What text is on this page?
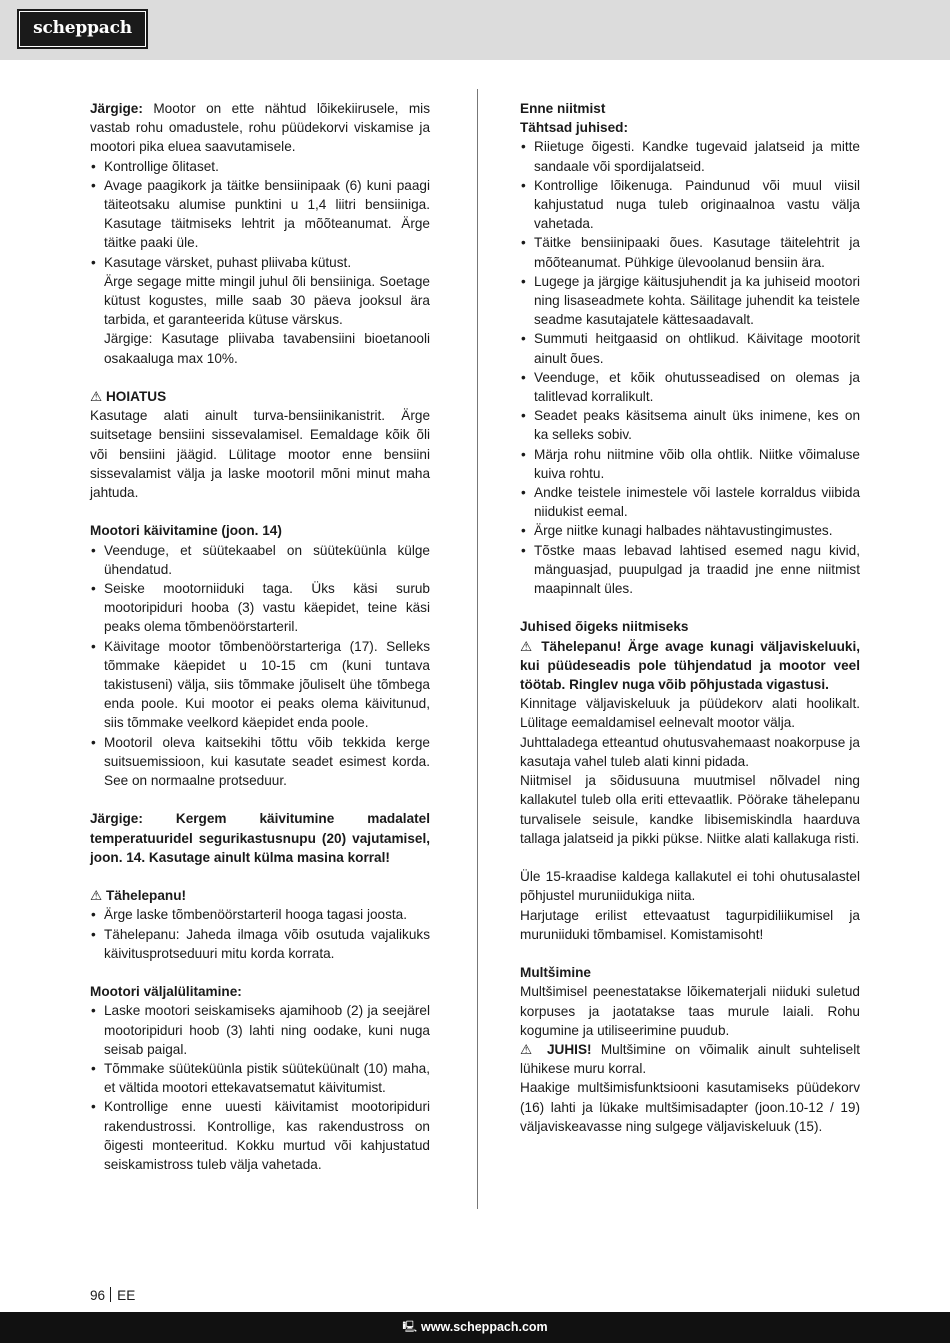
scheppach

Järgige: Mootor on ette nähtud lõikekiirusele, mis vastab rohu omadustele, rohu püüdekorvi viskamise ja mootori pika eluea saavutamisele.

• Kontrollige õlitaset.
• Avage paagikork ja täitke bensiinipaak (6) kuni paagi täiteotsaku alumise punktini u 1,4 liitri bensiiniga. Kasutage täitmiseks lehtrit ja mõõteanumat. Ärge täitke paaki üle.
• Kasutage värsket, puhast pliivaba kütust.

Ärge segage mitte mingil juhul õli bensiiniga. Soetage kütust kogustes, mille saab 30 päeva jooksul ära tarbida, et garanteerida kütuse värskus.

Järgige: Kasutage pliivaba tavabensiini bioetanooli osakaaluga max 10%.

⚠ HOIATUS

Kasutage alati ainult turva-bensiinikanistrit. Ärge suitsetage bensiini sissevalamisel. Eemaldage kõik õli või bensiini jäägid. Lülitage mootor enne bensiini sissevalamist välja ja laske mootoril mõni minut maha jahtuda.

Mootori käivitamine (joon. 14)
• Veenduge, et süütekaabel on süüteküünla külge ühendatud.
• Seiske mootorniiduki taga. Üks käsi surub mootoripiduri hooba (3) vastu käepidet, teine käsi peaks olema tõmbenöörstarteril.
• Käivitage mootor tõmbenöörstarteriga (17). Selleks tõmmake käepidet u 10-15 cm (kuni tuntava takistuseni) välja, siis tõmmake jõuliselt ühe tõmbega enda poole. Kui mootor ei peaks olema käivitunud, siis tõmmake veelkord käepidet enda poole.
• Mootoril oleva kaitsekihi tõttu võib tekkida kerge suitsuemissioon, kui kasutate seadet esimest korda. See on normaalne protseduur.

Järgige: Kergem käivitumine madalatel temperatuuridel segurikastusnupu (20) vajutamisel, joon. 14. Kasutage ainult külma masina korral!

⚠ Tähelepanu!
• Ärge laske tõmbenöörstarteril hooga tagasi joosta.
• Tähelepanu: Jaheda ilmaga võib osutuda vajalikuks käivitusprotseduuri mitu korda korrata.
Mootori väljalülitamine:
• Laske mootori seiskamiseks ajamihoob (2) ja seejärel mootoripiduri hoob (3) lahti ning oodake, kuni nuga seisab paigal.
• Tõmmake süüteküünla pistik süüteküünalt (10) maha, et vältida mootori ettekavatsematut käivitumist.
• Kontrollige enne uuesti käivitamist mootoripiduri rakendustrossi. Kontrollige, kas rakendustross on õigesti monteeritud. Kokku murtud või kahjustatud seiskamistross tuleb välja vahetada.
Enne niitmist
Tähtsad juhised:
• Riietuge õigesti. Kandke tugevaid jalatseid ja mitte sandaale või spordijalatseid.
• Kontrollige lõikenuga. Paindunud või muul viisil kahjustatud nuga tuleb originaalnoa vastu välja vahetada.
• Täitke bensiinipaaki õues. Kasutage täitelehtrit ja mõõteanumat. Pühkige ülevoolanud bensiin ära.
• Lugege ja järgige käitusjuhendit ja ka juhiseid mootori ning lisaseadmete kohta. Säilitage juhendit ka teistele seadme kasutajatele kättesaadavalt.
• Summuti heitgaasid on ohtlikud. Käivitage mootorit ainult õues.
• Veenduge, et kõik ohutusseadised on olemas ja talitlevad korralikult.
• Seadet peaks käsitsema ainult üks inimene, kes on ka selleks sobiv.
• Märja rohu niitmine võib olla ohtlik. Niitke võimaluse kuiva rohtu.
• Andke teistele inimestele või lastele korraldus viibida niidukist eemal.
• Ärge niitke kunagi halbades nähtavustingimustes.
• Tõstke maas lebavad lahtised esemed nagu kivid, mänguasjad, puupulgad ja traadid jne enne niitmist maapinnalt üles.
Juhised õigeks niitmiseks

⚠ Tähelepanu! Ärge avage kunagi väljaviskeluuki, kui püüdeseadis pole tühjendatud ja mootor veel töötab. Ringlev nuga võib põhjustada vigastusi.

Kinnitage väljaviskeluuk ja püüdekorv alati hoolikalt. Lülitage eemaldamisel eelnevalt mootor välja.

Juhttaladega etteantud ohutusvahemaast noakorpuse ja kasutaja vahel tuleb alati kinni pidada.

Niitmisel ja sõidusuuna muutmisel nõlvadel ning kallakutel tuleb olla eriti ettevaatlik. Pöörake tähelepanu turvalisele seisule, kandke libisemiskindla haarduva tallaga jalatseid ja pikki pükse. Niitke alati kallakuga risti.

Üle 15-kraadise kaldega kallakutel ei tohi ohutusalastel põhjustel muruniidukiga niita.

Harjutage erilist ettevaatust tagurpidiliikumisel ja muruniiduki tõmbamisel. Komistamisoht!

Multšimine

Multšimisel peenestatakse lõikematerjali niiduki suletud korpuses ja jaotatakse taas murule laiali. Rohu kogumine ja utiliseerimine puudub.

⚠ JUHIS! Multšimine on võimalik ainult suhteliselt lühikese muru korral.

Haakige multšimisfunktsiooni kasutamiseks püüdekorv (16) lahti ja lükake multšimisadapter (joon.10-12 / 19) väljaviskeavasse ning sulgege väljaviskeluuk (15).

96 EE
🖳 www.scheppach.com
